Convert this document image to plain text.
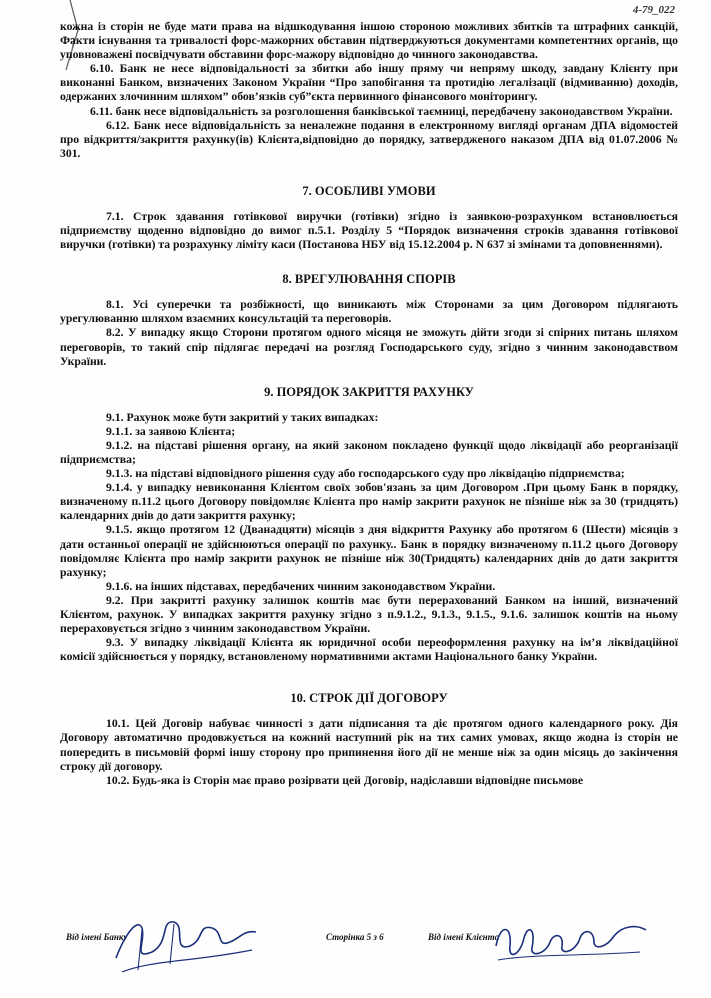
4-79_022

кожна із сторін не буде мати права на відшкодування іншою стороною можливих збитків та штрафних санкцій, Факти існування та тривалості форс-мажорних обставин підтверджуються документами компетентних органів, що уповноважені посвідчувати обставини форс-мажору відповідно до чинного законодавства.

6.10. Банк не несе відповідальності за збитки або іншу пряму чи непряму шкоду, завдану Клієнту при виконанні Банком, визначених Законом України “Про запобігання та протидію легалізації (відмиванню) доходів, одержаних злочинним шляхом” обов’язків суб”єкта первинного фінансового моніторингу.

6.11. банк несе відповідальність за розголошення банківської таємниці, передбачену законодавством України.

6.12. Банк несе відповідальність за неналежне подання в електронному вигляді органам ДПА відомостей про відкриття/закриття рахунку(ів) Клієнта,відповідно до порядку, затвердженого наказом ДПА від 01.07.2006 № 301.

7. ОСОБЛИВІ УМОВИ

7.1. Строк здавання готівкової виручки (готівки) згідно із заявкою-розрахунком встановлюється підприємству щоденно відповідно до вимог п.5.1. Розділу 5 “Порядок визначення строків здавання готівкової виручки (готівки) та розрахунку ліміту каси (Постанова НБУ від 15.12.2004 р. N 637 зі змінами та доповненнями).

8. ВРЕГУЛЮВАННЯ СПОРІВ

8.1. Усі суперечки та розбіжності, що виникають між Сторонами за цим Договором підлягають урегулюванню шляхом взаємних консультацій та переговорів.

8.2. У випадку якщо Сторони протягом одного місяця не зможуть дійти згоди зі спірних питань шляхом переговорів, то такий спір підлягає передачі на розгляд Господарського суду, згідно з чинним законодавством України.

9. ПОРЯДОК ЗАКРИТТЯ РАХУНКУ

9.1. Рахунок може бути закритий у таких випадках:

9.1.1. за заявою Клієнта;

9.1.2. на підставі рішення органу, на який законом покладено функції щодо ліквідації або реорганізації підприємства;

9.1.3. на підставі відповідного рішення суду або господарського суду про ліквідацію підприємства;

9.1.4. у випадку невиконання Клієнтом своїх зобов'язань за цим Договором .При цьому Банк в порядку, визначеному п.11.2 цього Договору повідомляє Клієнта про намір закрити рахунок не пізніше ніж за 30 (тридцять) календарних днів до дати закриття рахунку;

9.1.5. якщо протягом 12 (Дванадцяти) місяців з дня відкриття Рахунку або протягом 6 (Шести) місяців з дати останньої операції не здійснюються операції по рахунку.. Банк в порядку визначеному п.11.2 цього Договору повідомляє Клієнта про намір закрити рахунок не пізніше ніж 30(Тридцять) календарних днів до дати закриття рахунку;

9.1.6. на інших підставах, передбачених чинним законодавством України.

9.2. При закритті рахунку залишок коштів має бути перерахований Банком на інший, визначений Клієнтом, рахунок. У випадках закриття рахунку згідно з п.9.1.2., 9.1.3., 9.1.5., 9.1.6. залишок коштів на ньому перераховується згідно з чинним законодавством України.

9.3. У випадку ліквідації Клієнта як юридичної особи переоформлення рахунку на ім’я ліквідаційної комісії здійснюється у порядку, встановленому нормативними актами Національного банку України.

10. СТРОК ДІЇ ДОГОВОРУ

10.1. Цей Договір набуває чинності з дати підписання та діє протягом одного календарного року. Дія Договору автоматично продовжується на кожний наступний рік на тих самих умовах, якщо жодна із сторін не попередить в письмовій формі іншу сторону про припинення його дії не менше ніж за один місяць до закінчення строку дії договору.

10.2. Будь-яка із Сторін має право розірвати цей Договір, надіславши відповідне письмове

Від імені Банку	Сторінка 5 з 6	Від імені Клієнта
